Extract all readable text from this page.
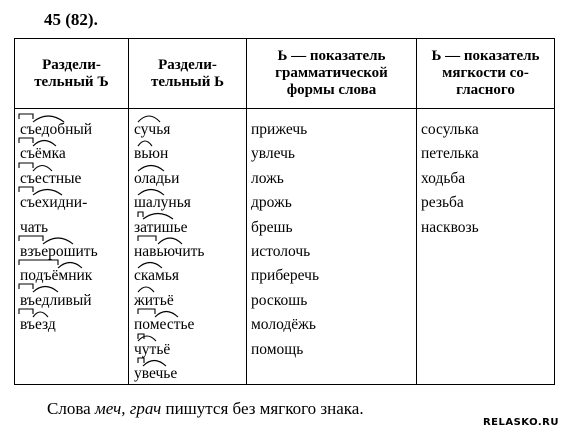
45 (82).
Раздели-
тельный Ъ
съедобный
съёмка
съестные
съехидни-
чать
взъерошить
подъёмник
въедливый
въезд
Раздели-
тельный Ь
сучья
вьюн
оладьи
шалунья
затишье
навьючить
скамья
житьё
поместье
чутьё
увечье
Ь — показатель
грамматической
формы слова
прижечь
увлечь
ложь
дрожь
брешь
истолочь
приберечь
роскошь
молодёжь
помощь
Ь — показатель
мягкости со-
гласного
сосулька
петелька
ходьба
резьба
насквозь
Слова меч, грач пишутся без мягкого знака.
RELASKO.RU
